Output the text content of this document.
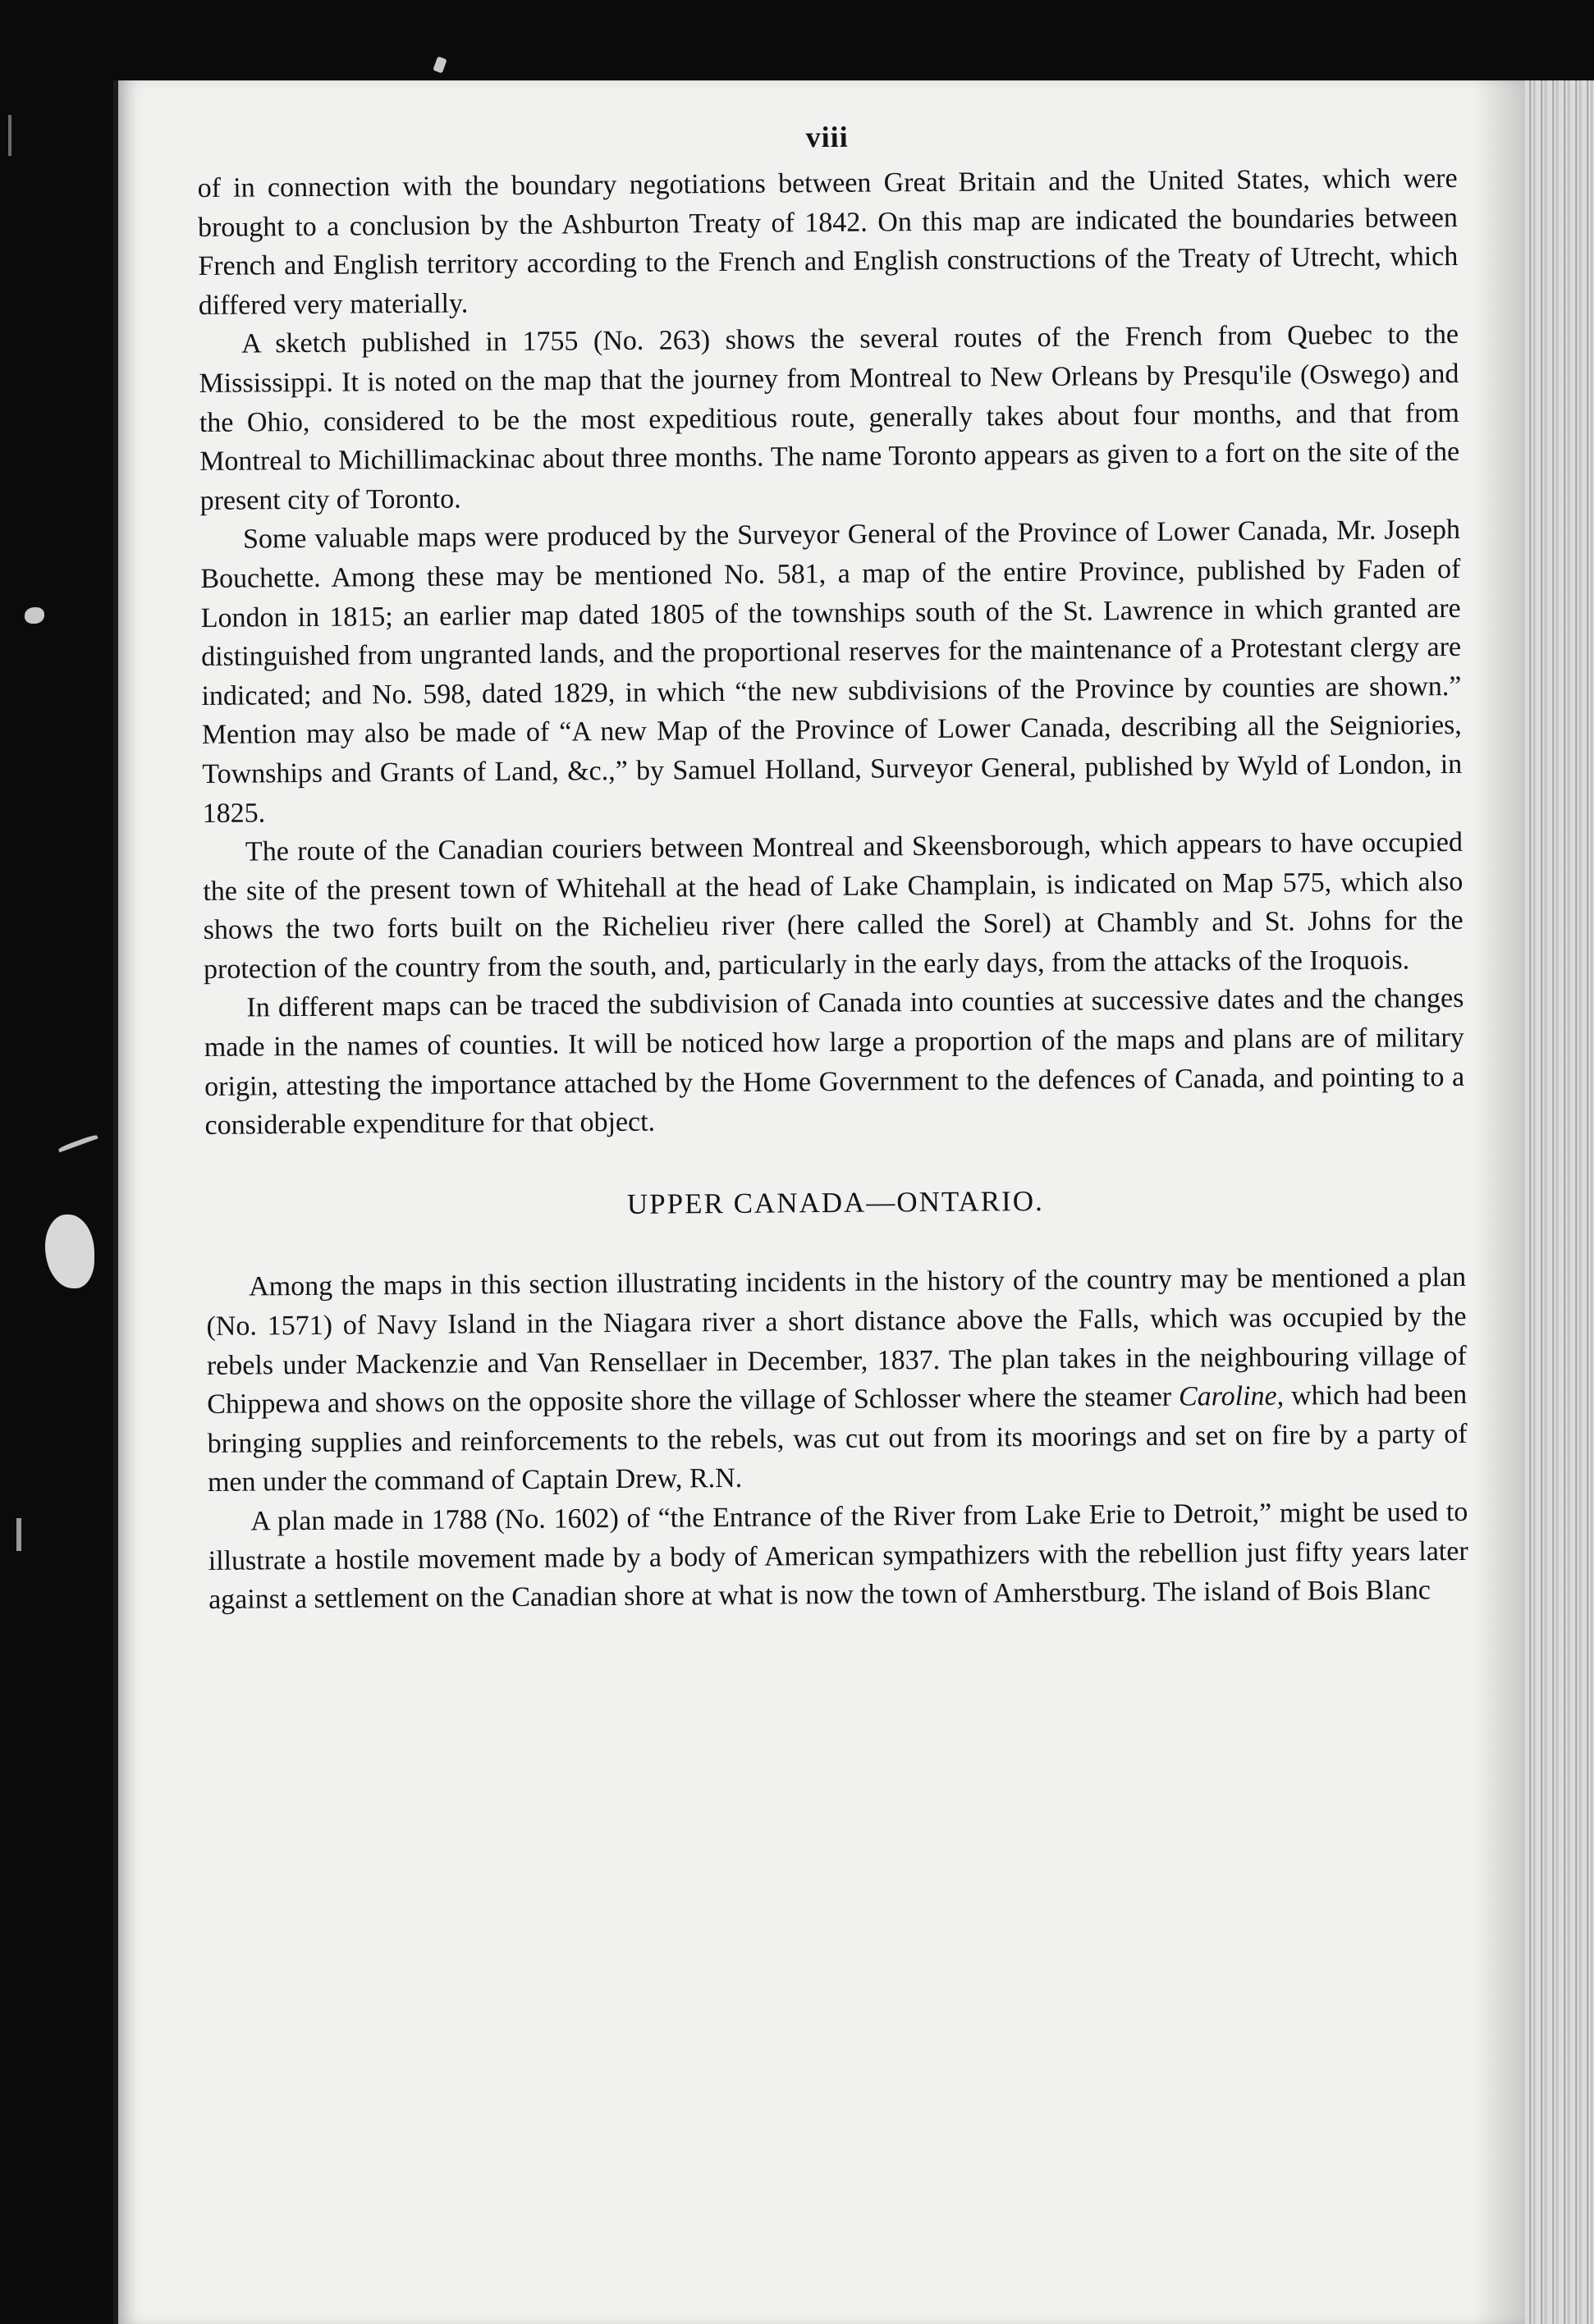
viii

of in connection with the boundary negotiations between Great Britain and the United States, which were brought to a conclusion by the Ashburton Treaty of 1842. On this map are indicated the boundaries between French and English territory according to the French and English constructions of the Treaty of Utrecht, which differed very materially.

A sketch published in 1755 (No. 263) shows the several routes of the French from Quebec to the Mississippi. It is noted on the map that the journey from Montreal to New Orleans by Presqu'ile (Oswego) and the Ohio, considered to be the most expeditious route, generally takes about four months, and that from Montreal to Michillimackinac about three months. The name Toronto appears as given to a fort on the site of the present city of Toronto.

Some valuable maps were produced by the Surveyor General of the Province of Lower Canada, Mr. Joseph Bouchette. Among these may be mentioned No. 581, a map of the entire Province, published by Faden of London in 1815; an earlier map dated 1805 of the townships south of the St. Lawrence in which granted are distinguished from ungranted lands, and the proportional reserves for the maintenance of a Protestant clergy are indicated; and No. 598, dated 1829, in which “the new subdivisions of the Province by counties are shown.” Mention may also be made of “A new Map of the Province of Lower Canada, describing all the Seigniories, Townships and Grants of Land, &c.,” by Samuel Holland, Surveyor General, published by Wyld of London, in 1825.

The route of the Canadian couriers between Montreal and Skeensborough, which appears to have occupied the site of the present town of Whitehall at the head of Lake Champlain, is indicated on Map 575, which also shows the two forts built on the Richelieu river (here called the Sorel) at Chambly and St. Johns for the protection of the country from the south, and, particularly in the early days, from the attacks of the Iroquois.

In different maps can be traced the subdivision of Canada into counties at successive dates and the changes made in the names of counties. It will be noticed how large a proportion of the maps and plans are of military origin, attesting the importance attached by the Home Government to the defences of Canada, and pointing to a considerable expenditure for that object.

UPPER CANADA—ONTARIO.

Among the maps in this section illustrating incidents in the history of the country may be mentioned a plan (No. 1571) of Navy Island in the Niagara river a short distance above the Falls, which was occupied by the rebels under Mackenzie and Van Rensellaer in December, 1837. The plan takes in the neighbouring village of Chippewa and shows on the opposite shore the village of Schlosser where the steamer Caroline, which had been bringing supplies and reinforcements to the rebels, was cut out from its moorings and set on fire by a party of men under the command of Captain Drew, R.N.

A plan made in 1788 (No. 1602) of “the Entrance of the River from Lake Erie to Detroit,” might be used to illustrate a hostile movement made by a body of American sympathizers with the rebellion just fifty years later against a settlement on the Canadian shore at what is now the town of Amherstburg. The island of Bois Blanc
